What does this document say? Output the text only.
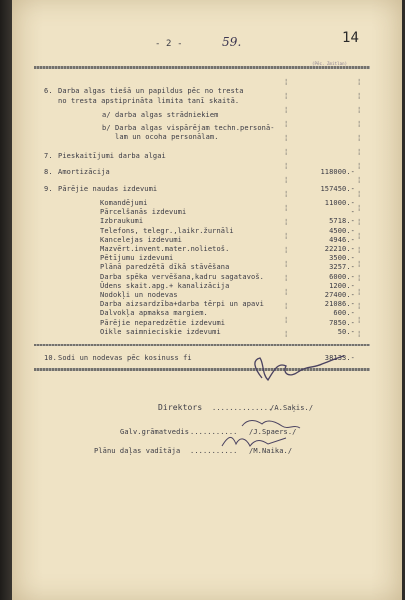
- 2 -	59.	14
(Pēc. Zmitlan)
6. Darba algas tiešā un papildus pēc no tresta
no tresta apstiprināta limita tanī skaitā.
a/ darba algas strādniekiem
b/ Darba algas vispārējam techn.personā-
lam un ocoha personālam.
7. Pieskaitījumi darba algai
8. Amortizācija	118000.-
9. Pārējie naudas izdevumi	157450.-
10. Sodi un nodevas pēc kosinuss fi	38133.-
Direktors ..............
/A.Saķis./
Galv.grāmatvedis ........... /J.Spaers./
Plānu daļas vadītāja ........... /M.Naika./
Komandējumi	11000.-
Pārcelšanās izdevumi	-
Izbraukumi	5718.-
Telefons, telegr.,laikr.žurnāli	4500.-
Kancelejas izdevumi	4946.-
Mazvērt.invent.mater.nolietoš.	22210.-
Pētījumu izdevumi	3500.-
Plānā paredzētā dīkā stāvēšana	3257.-
Darba spēka vervēšana,kadru sagatavoš.	6000.-
Ūdens skait.apg.+ kanalizācija	1200.-
Nodokļi un nodevas	27400.-
Darba aizsardzība+darba tērpi un apavi	21086.-
Dalvokļa apmaksa margiem.	600.-
Pārējie neparedzētie izdevumi	7850.-
Oikle saimnieciskie izdevumi	50.-
¦	¦
¦	¦
¦	¦
¦	¦
¦	¦
¦	¦
¦	¦
¦	¦
¦	¦
¦	¦
¦	¦
¦	¦
¦	¦
¦	¦
¦	¦
¦	¦
¦	¦
¦	¦
¦	¦
